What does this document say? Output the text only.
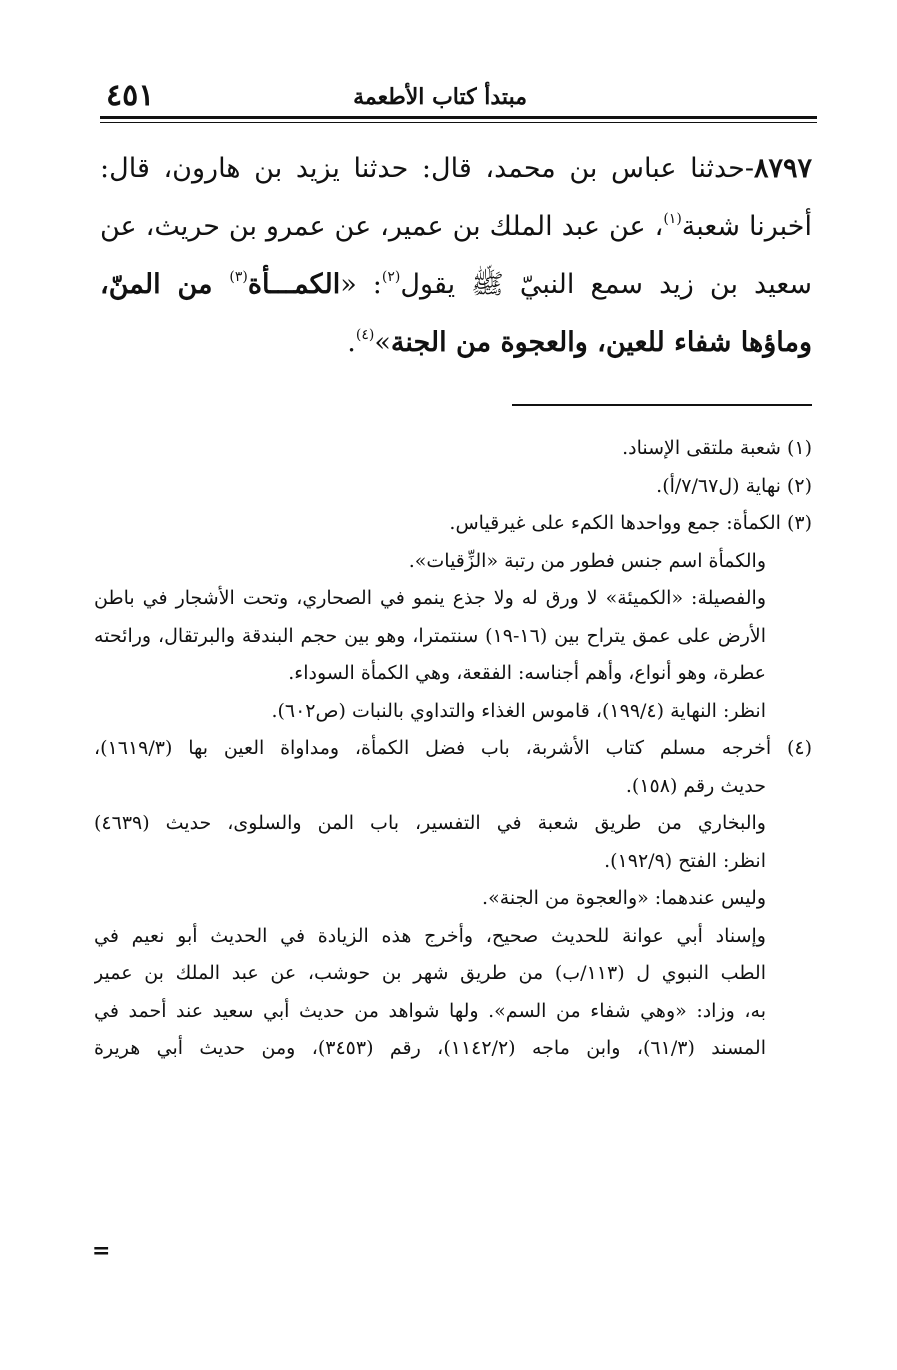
مبتدأ كتاب الأطعمة
٤٥١
٨٧٩٧-حدثنا عباس بن محمد، قال: حدثنا يزيد بن هارون، قال: أخبرنا شعبة$^{(١)}$، عن عبد الملك بن عمير، عن عمرو بن حريث، عن سعيد بن زيد سمع النبيّ ﷺ يقول$^{(٢)}$: «الكمـــأة$^{(٣)}$ من المنّ، وماؤها شفاء للعين، والعجوة من الجنة»$^{(٤)}$.
(١) شعبة ملتقى الإسناد.
(٢) نهاية (ل٧/٦٧/أ).
(٣) الكمأة: جمع وواحدها الكمء على غيرقياس.
والكمأة اسم جنس فطور من رتبة «الزِّقيات».
والفصيلة: «الكميئة» لا ورق له ولا جذع ينمو في الصحاري، وتحت الأشجار في باطن
الأرض على عمق يتراح بين (١٦-١٩) سنتمترا، وهو بين حجم البندقة والبرتقال، ورائحته
عطرة، وهو أنواع، وأهم أجناسه: الفقعة، وهي الكمأة السوداء.
انظر: النهاية (١٩٩/٤)، قاموس الغذاء والتداوي بالنبات (ص٦٠٢).
(٤) أخرجه مسلم كتاب الأشربة، باب فضل الكمأة، ومداواة العين بها (١٦١٩/٣)،
حديث رقم (١٥٨).
والبخاري من طريق شعبة في التفسير، باب المن والسلوى، حديث (٤٦٣٩)
انظر: الفتح (١٩٢/٩).
وليس عندهما: «والعجوة من الجنة».
وإسناد أبي عوانة للحديث صحيح، وأخرج هذه الزيادة في الحديث أبو نعيم في
الطب النبوي ل (١١٣/ب) من طريق شهر بن حوشب، عن عبد الملك بن عمير
به، وزاد: «وهي شفاء من السم». ولها شواهد من حديث أبي سعيد عند أحمد في
المسند (٦١/٣)، وابن ماجه (١١٤٢/٢)، رقم (٣٤٥٣)، ومن حديث أبي هريرة
=
